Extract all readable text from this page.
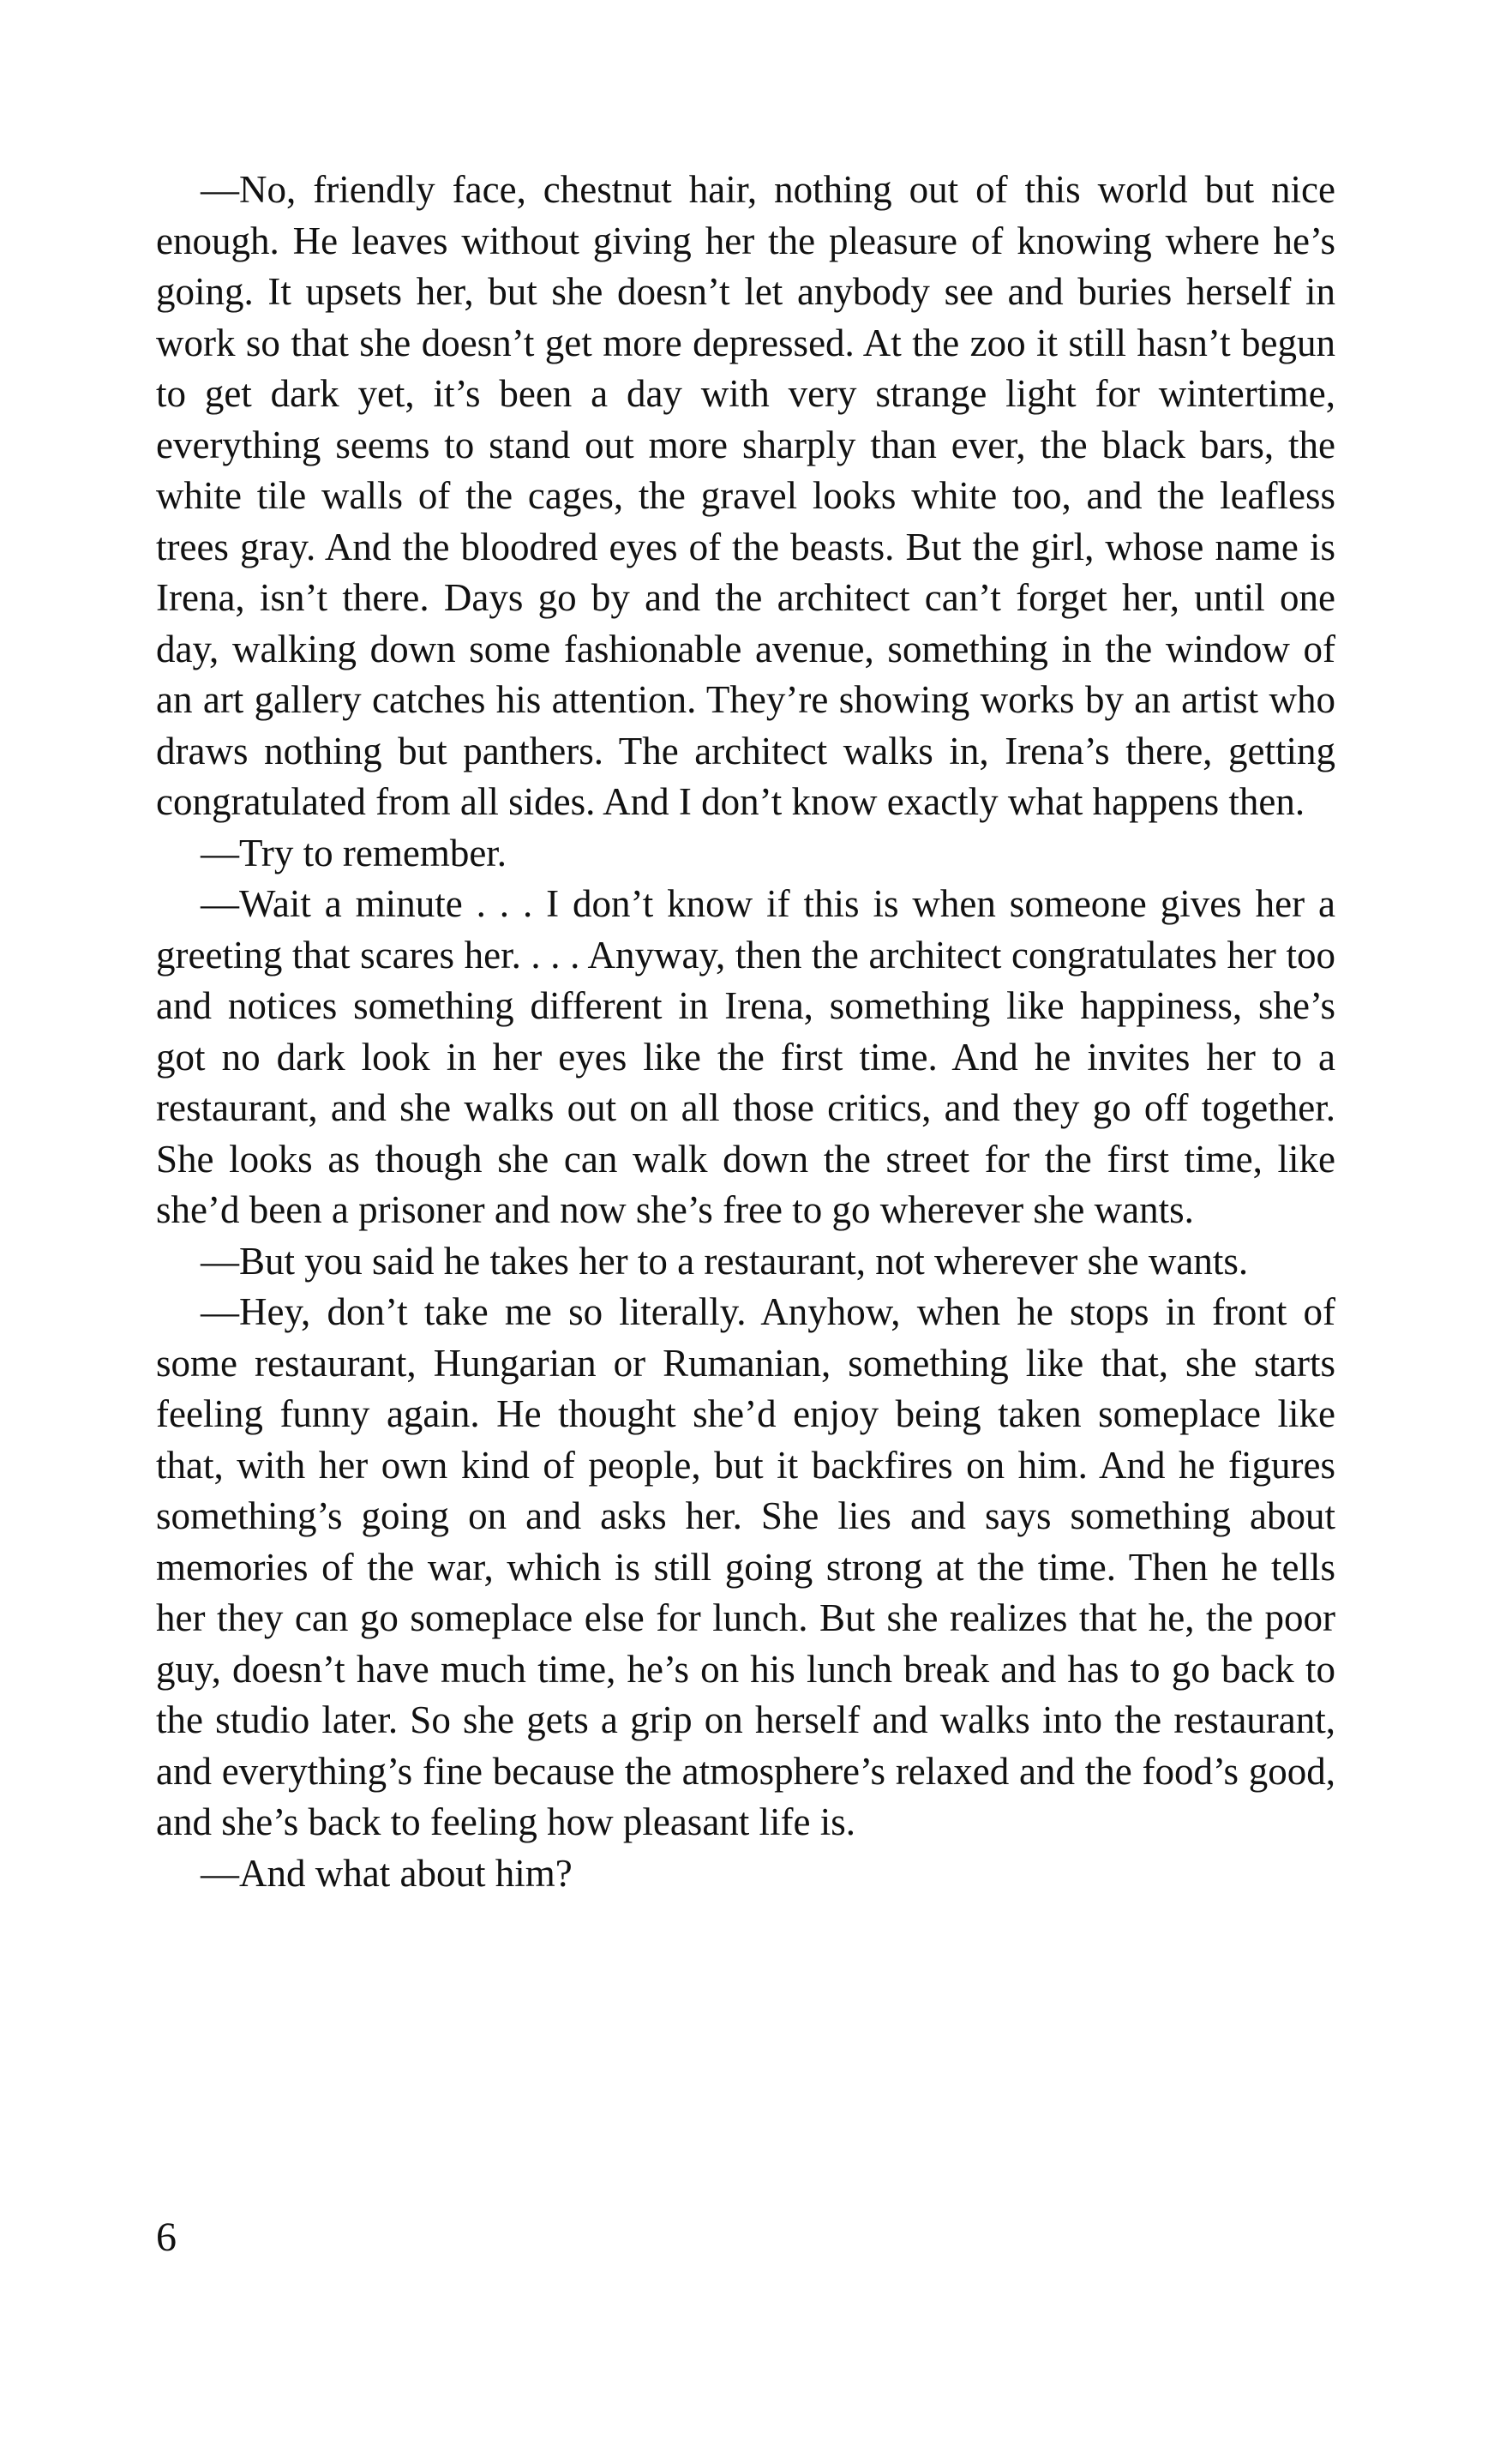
—No, friendly face, chestnut hair, nothing out of this world but nice enough. He leaves without giving her the pleasure of knowing where he’s going. It upsets her, but she doesn’t let anybody see and buries herself in work so that she doesn’t get more depressed. At the zoo it still hasn’t begun to get dark yet, it’s been a day with very strange light for wintertime, everything seems to stand out more sharply than ever, the black bars, the white tile walls of the cages, the gravel looks white too, and the leafless trees gray. And the bloodred eyes of the beasts. But the girl, whose name is Irena, isn’t there. Days go by and the architect can’t forget her, until one day, walking down some fashionable avenue, something in the window of an art gallery catches his attention. They’re showing works by an artist who draws nothing but panthers. The architect walks in, Irena’s there, getting congratulated from all sides. And I don’t know exactly what happens then.

—Try to remember.

—Wait a minute . . . I don’t know if this is when someone gives her a greeting that scares her. . . . Anyway, then the architect congratulates her too and notices something different in Irena, something like happiness, she’s got no dark look in her eyes like the first time. And he invites her to a restaurant, and she walks out on all those critics, and they go off together. She looks as though she can walk down the street for the first time, like she’d been a prisoner and now she’s free to go wherever she wants.

—But you said he takes her to a restaurant, not wherever she wants.

—Hey, don’t take me so literally. Anyhow, when he stops in front of some restaurant, Hungarian or Rumanian, something like that, she starts feeling funny again. He thought she’d enjoy being taken someplace like that, with her own kind of people, but it backfires on him. And he figures something’s going on and asks her. She lies and says something about memories of the war, which is still going strong at the time. Then he tells her they can go someplace else for lunch. But she realizes that he, the poor guy, doesn’t have much time, he’s on his lunch break and has to go back to the studio later. So she gets a grip on herself and walks into the restaurant, and everything’s fine because the atmosphere’s relaxed and the food’s good, and she’s back to feeling how pleasant life is.

—And what about him?

6
